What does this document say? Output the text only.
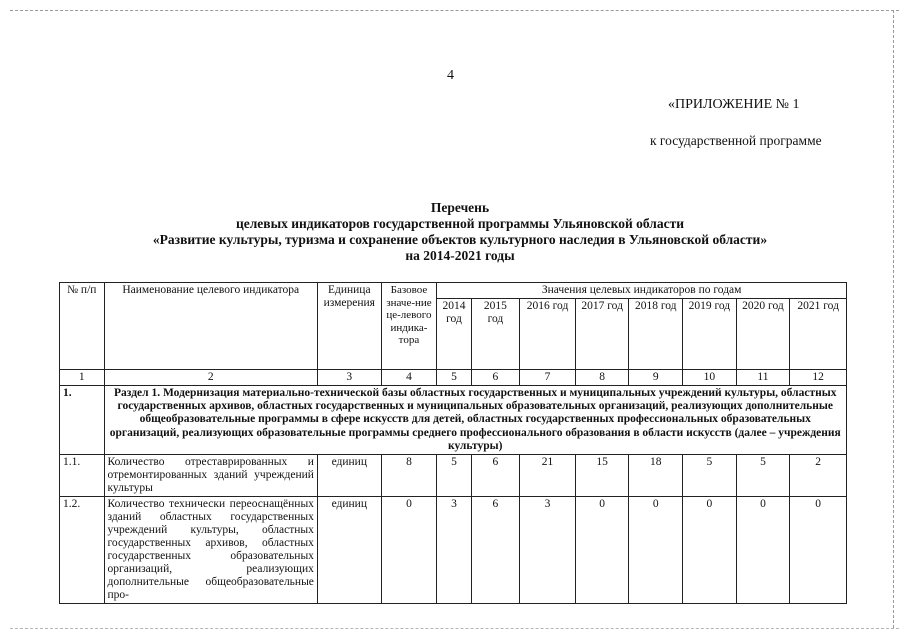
4
«ПРИЛОЖЕНИЕ № 1
к государственной программе
Перечень
целевых индикаторов государственной программы Ульяновской области
«Развитие культуры, туризма и сохранение объектов культурного наследия в Ульяновской области»
на 2014-2021 годы
№ п/п	Наименование целевого индикатора	Единица измерения	Базовое значе-ние це-левого индика-тора	Значения целевых индикаторов по годам							
				2014 год	2015 год	2016 год	2017 год	2018 год	2019 год	2020 год	2021 год
1	2	3	4	5	6	7	8	9	10	11	12
1.	Раздел 1. Модернизация материально-технической базы областных государственных и муниципальных учреждений культуры, областных государственных архивов, областных государственных и муниципальных образовательных организаций, реализующих дополнительные общеобразовательные программы в сфере искусств для детей, областных государственных профессиональных образовательных организаций, реализующих образовательные программы среднего профессионального образования в области искусств (далее – учреждения культуры)										
1.1.	Количество отреставрированных и отремонтированных зданий учреждений культуры	единиц	8	5	6	21	15	18	5	5	2
1.2.	Количество технически переоснащённых зданий областных государственных учреждений культуры, областных государственных архивов, областных государственных образовательных организаций, реализующих дополнительные общеобразовательные про-	единиц	0	3	6	3	0	0	0	0	0
